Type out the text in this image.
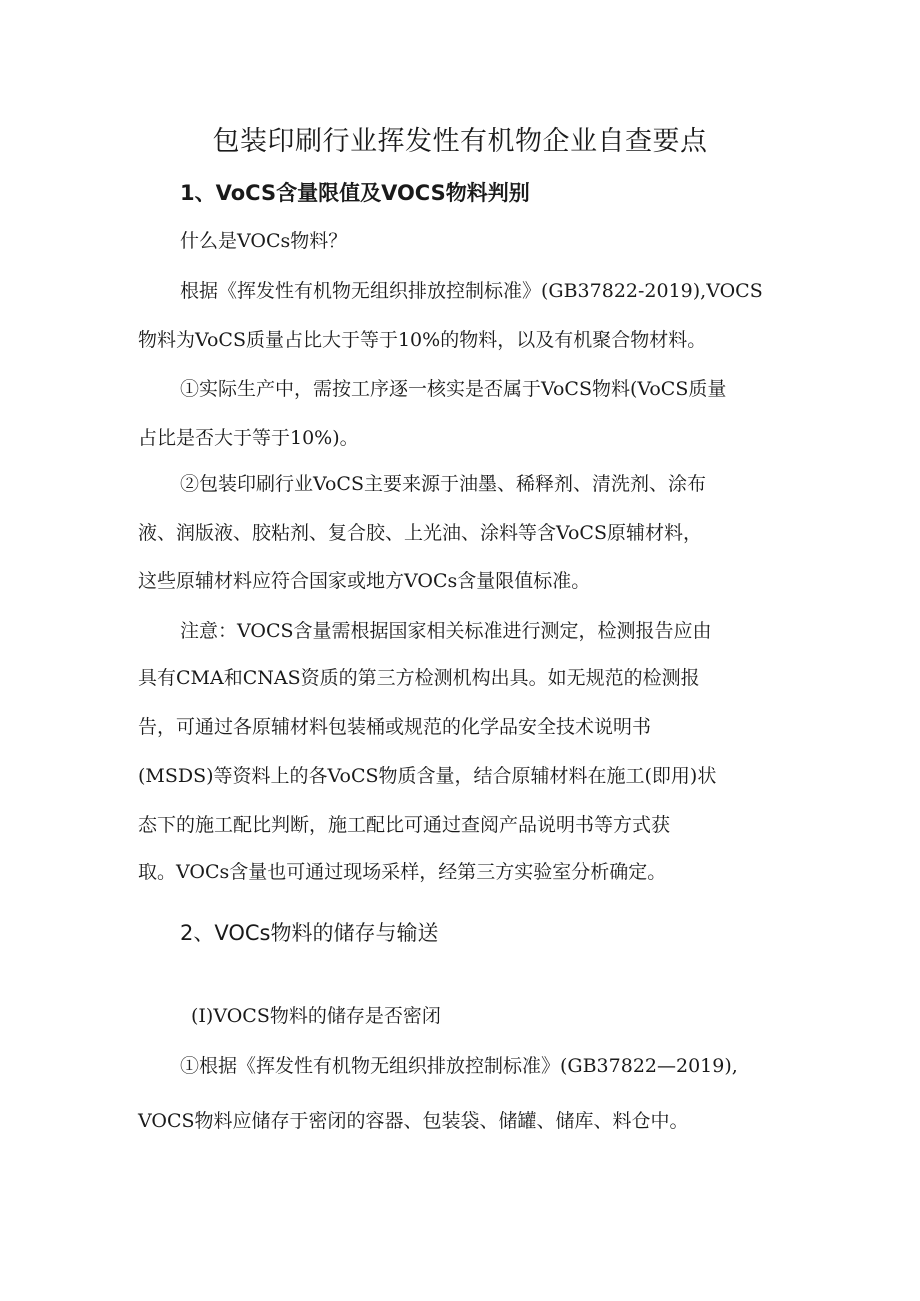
包装印刷行业挥发性有机物企业自查要点
1、VoCS含量限值及VOCS物料判别
什么是VOCs物料？
根据《挥发性有机物无组织排放控制标准》(GB37822-2019),VOCS
物料为VoCS质量占比大于等于10%的物料，以及有机聚合物材料。
①实际生产中，需按工序逐一核实是否属于VoCS物料(VoCS质量
占比是否大于等于10%)。
②包装印刷行业VoCS主要来源于油墨、稀释剂、清洗剂、涂布
液、润版液、胶粘剂、复合胶、上光油、涂料等含VoCS原辅材料，
这些原辅材料应符合国家或地方VOCs含量限值标准。
注意：VOCS含量需根据国家相关标准进行测定，检测报告应由
具有CMA和CNAS资质的第三方检测机构出具。如无规范的检测报
告，可通过各原辅材料包装桶或规范的化学品安全技术说明书
(MSDS)等资料上的各VoCS物质含量，结合原辅材料在施工(即用)状
态下的施工配比判断，施工配比可通过查阅产品说明书等方式获
取。VOCs含量也可通过现场采样，经第三方实验室分析确定。
2、VOCs物料的储存与输送
(I)VOCS物料的储存是否密闭
①根据《挥发性有机物无组织排放控制标准》(GB37822—2019),
VOCS物料应储存于密闭的容器、包装袋、储罐、储库、料仓中。
